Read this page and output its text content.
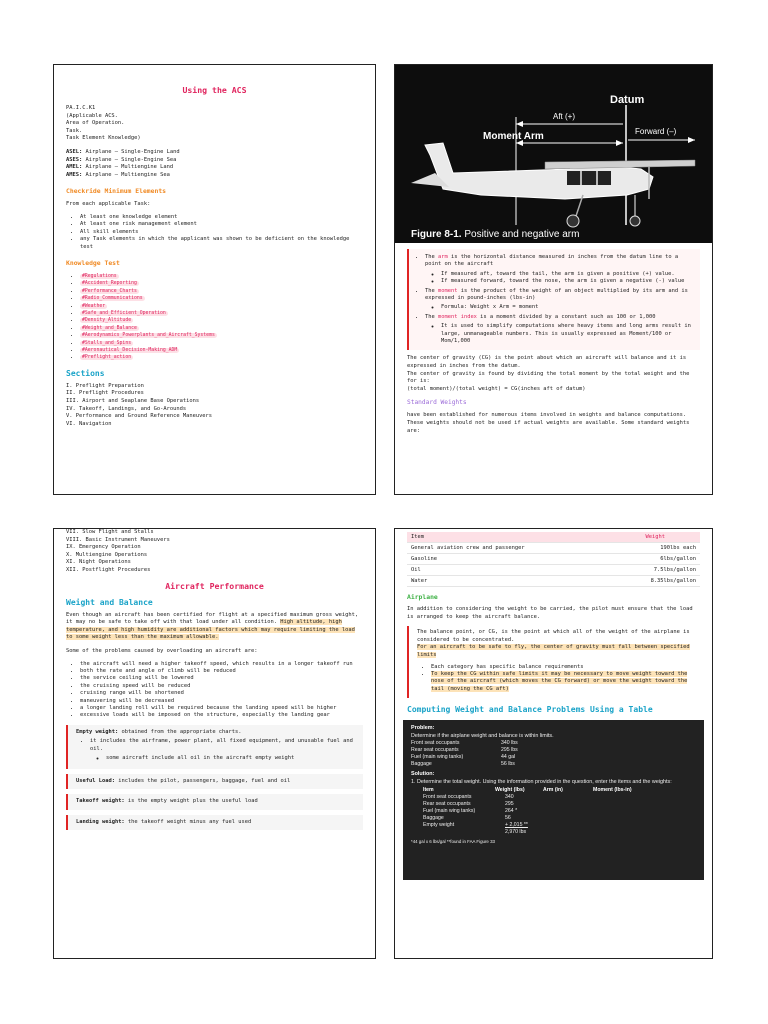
Using the ACS

PA.I.C.K1

(Applicable ACS.

Area of Operation.

Task.

Task Element Knowledge)

ASEL: Airplane – Single-Engine Land

ASES: Airplane – Single-Engine Sea

AMEL: Airplane – Multiengine Land

AMES: Airplane – Multiengine Sea

Checkride Minimum Elements

From each applicable Task:

• At least one knowledge element
• At least one risk management element
• All skill elements
• any Task elements in which the applicant was shown to be deficient on the knowledge test
Knowledge Test
• #Regulations
• #Accident_Reporting
• #Performance_Charts
• #Radio_Communications
• #Weather
• #Safe_and_Efficient_Operation
• #Density_Altitude
• #Weight_and_Balance
• #Aerodynamics_Powerplants_and_Aircraft_Systems
• #Stalls_and_Spins
• #Aeronautical_Decision-Making_ADM
• #Preflight_action
Sections

I. Preflight Preparation

II. Preflight Procedures

III. Airport and Seaplane Base Operations

IV. Takeoff, Landings, and Go-Arounds

V. Performance and Ground Reference Maneuvers

VI. Navigation

Datum
Aft (+)
Moment Arm	Forward (–)
Figure 8-1. Positive and negative arm
• The arm is the horizontal distance measured in inches from the datum line to a point on the aircraft
◦ If measured aft, toward the tail, the arm is given a positive (+) value.
◦ If measured forward, toward the nose, the arm is given a negative (-) value
• The moment is the product of the weight of an object multiplied by its arm and is expressed in pound-inches (lbs-in)
◦ Formula: Weight x Arm = moment
• The moment index is a moment divided by a constant such as 100 or 1,000
◦ It is used to simplify computations where heavy items and long arms result in large, unmanageable numbers. This is usually expressed as Moment/100 or Mom/1,000

The center of gravity (CG) is the point about which an aircraft will balance and it is expressed in inches from the datum.

The center of gravity is found by dividing the total moment by the total weight and the for is:

(total moment)/(total weight) = CG(inches aft of datum)

Standard Weights

have been established for numerous items involved in weights and balance computations.

These weights should not be used if actual weights are available. Some standard weights are:

VII. Slow Flight and Stalls

VIII. Basic Instrument Maneuvers

IX. Emergency Operation

X. Multiengine Operations

XI. Night Operations

XII. Postflight Procedures

Aircraft Performance
Weight and Balance

Even though an aircraft has been certified for flight at a specified maximum gross weight, it may no be safe to take off with that load under all condition. High altitude, high temperature, and high humidity are additional factors which may require limiting the load to some weight less than the maximum allowable.

Some of the problems caused by overloading an aircraft are:

• the aircraft will need a higher takeoff speed, which results in a longer takeoff run
• both the rate and angle of climb will be reduced
• the service ceiling will be lowered
• the cruising speed will be reduced
• cruising range will be shortened
• maneuvering will be decreased
• a longer landing roll will be required because the landing speed will be higher
• excessive loads will be imposed on the structure, especially the landing gear

Empty weight: obtained from the appropriate charts.

• it includes the airframe, power plant, all fixed equipment, and unusable fuel and oil.
◦ some aircraft include all oil in the aircraft empty weight

Useful Load: includes the pilot, passengers, baggage, fuel and oil

Takeoff weight: is the empty weight plus the useful load

Landing weight: the takeoff weight minus any fuel used

Item	Weight
General aviation crew and passenger	190lbs each
Gasoline	6lbs/gallon
Oil	7.5lbs/gallon
Water	8.35lbs/gallon
Airplane

In addition to considering the weight to be carried, the pilot must ensure that the load is arranged to keep the aircraft balance.

The balance point, or CG, is the point at which all of the weight of the airplane is considered to be concentrated.

For an aircraft to be safe to fly, the center of gravity must fall between specified limits

• Each category has specific balance requirements
• To keep the CG within safe limits it may be necessary to move weight toward the nose of the aircraft (which moves the CG forward) or move the weight toward the tail (moving the CG aft)
Computing Weight and Balance Problems Using a Table

Problem:

Determine if the airplane weight and balance is within limits.

Front seat occupants	340 lbs
Rear seat occupants	295 lbs
Fuel (main wing tanks)	44 gal
Baggage	56 lbs

Solution:

1. Determine the total weight. Using the information provided in the question, enter the items and the weights:

Item	Weight (lbs)	Arm (in)	Moment (lbs-in)
Front seat occupants	340
Rear seat occupants	295
Fuel (main wing tanks)	264 *
Baggage	56
Empty weight	+ 2,015 **
2,970 lbs

*44 gal x 6 lbs/gal **found in FAA Figure 33
